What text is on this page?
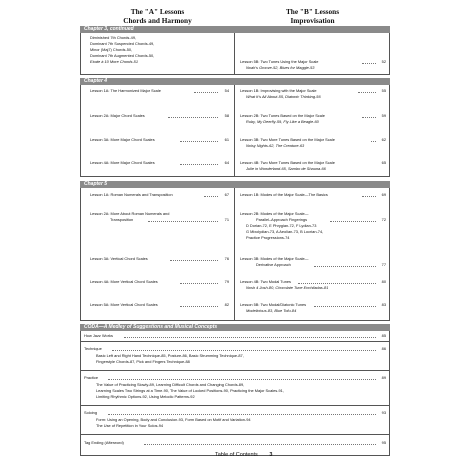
The "A" Lessons
Chords and Harmony
The "B" Lessons
Improvisation
Chapter 3, continued
Diminished 7th Chords-49,
Dominant 7th Suspended Chords-49,
Minor (Maj7) Chords-50,
Dominant 7th Augmented Chords-50,
Etude à 10 More Chords-51	Lesson 5B: Two Tunes Using the Major Scale	52
Noah's Groove-52, Blues for Maggie-53
Chapter 4
Lesson 1A: The Harmonized Major Scale	54
Lesson 2A: Major Chord Scales	58
Lesson 3A: More Major Chord Scales	61
Lesson 4A: More Major Chord Scales	64
Lesson 1B: Improvising with the Major Scale	55
What It's All About-55, Diatonic Thinking-56
Lesson 2B: Two Tunes Based on the Major Scale	59
Ruby, My Deerfly-59, Fly Like a Beagle-60
Lesson 3B: Two More Tunes Based on the Major Scale	62
Noisy Nights-62, The Creature-63
Lesson 4B: Two More Tunes Based on the Major Scale	65
Julie in Wonderland-65, Sambo de Shauna-66
Chapter 5
Lesson 1A: Roman Numerals and Transposition	67
Lesson 2A: More About Roman Numerals and
Transposition	71
Lesson 3A: Vertical Chord Scales	76
Lesson 4A: More Vertical Chord Scales	79
Lesson 5A: More Vertical Chord Scales	82
Lesson 1B: Modes of the Major Scale—The Basics	69
Lesson 2B: Modes of the Major Scale—
Parallel–Approach Fingerings	72
D Dorian-72, E Phrygian-72, F Lydian-73
G Mixolydian-73, A Aeolian-73, B Locrian-74,
Practice Progressions-74
Lesson 3B: Modes of the Major Scale—
Derivative Approach	77
Lesson 4B: Two Modal Tunes	80
Nosh 4 Josh-80, Chocolate Tune Enchiladas-81
Lesson 5B: Two Modal/Diatonic Tunes	83
Modelicious-83, Blue Tofu-84
CODA—A Medley of Suggestions and Musical Concepts
How Jazz Works	85
Technique	86
Basic Left and Right Hand Technique-85, Posture-86, Basic Strumming Technique-87,
Fingerstyle Chords-87, Pick and Fingers Technique-88
Practice	89
The Value of Practicing Slowly-89, Learning Difficult Chords and Changing Chords-89,
Learning Scales Two Strings at a Time-90, The Value of Locked Positions-90, Practicing the Major Scales-91,
Limiting Rhythmic Options-92, Using Melodic Patterns-92
Soloing	93
Form: Using an Opening, Body and Conclusion-93, Form Based on Motif and Variation-94
The Use of Repetition in Your Solos-94
Tag Ending (Afterword)	95
Table of Contents 3
